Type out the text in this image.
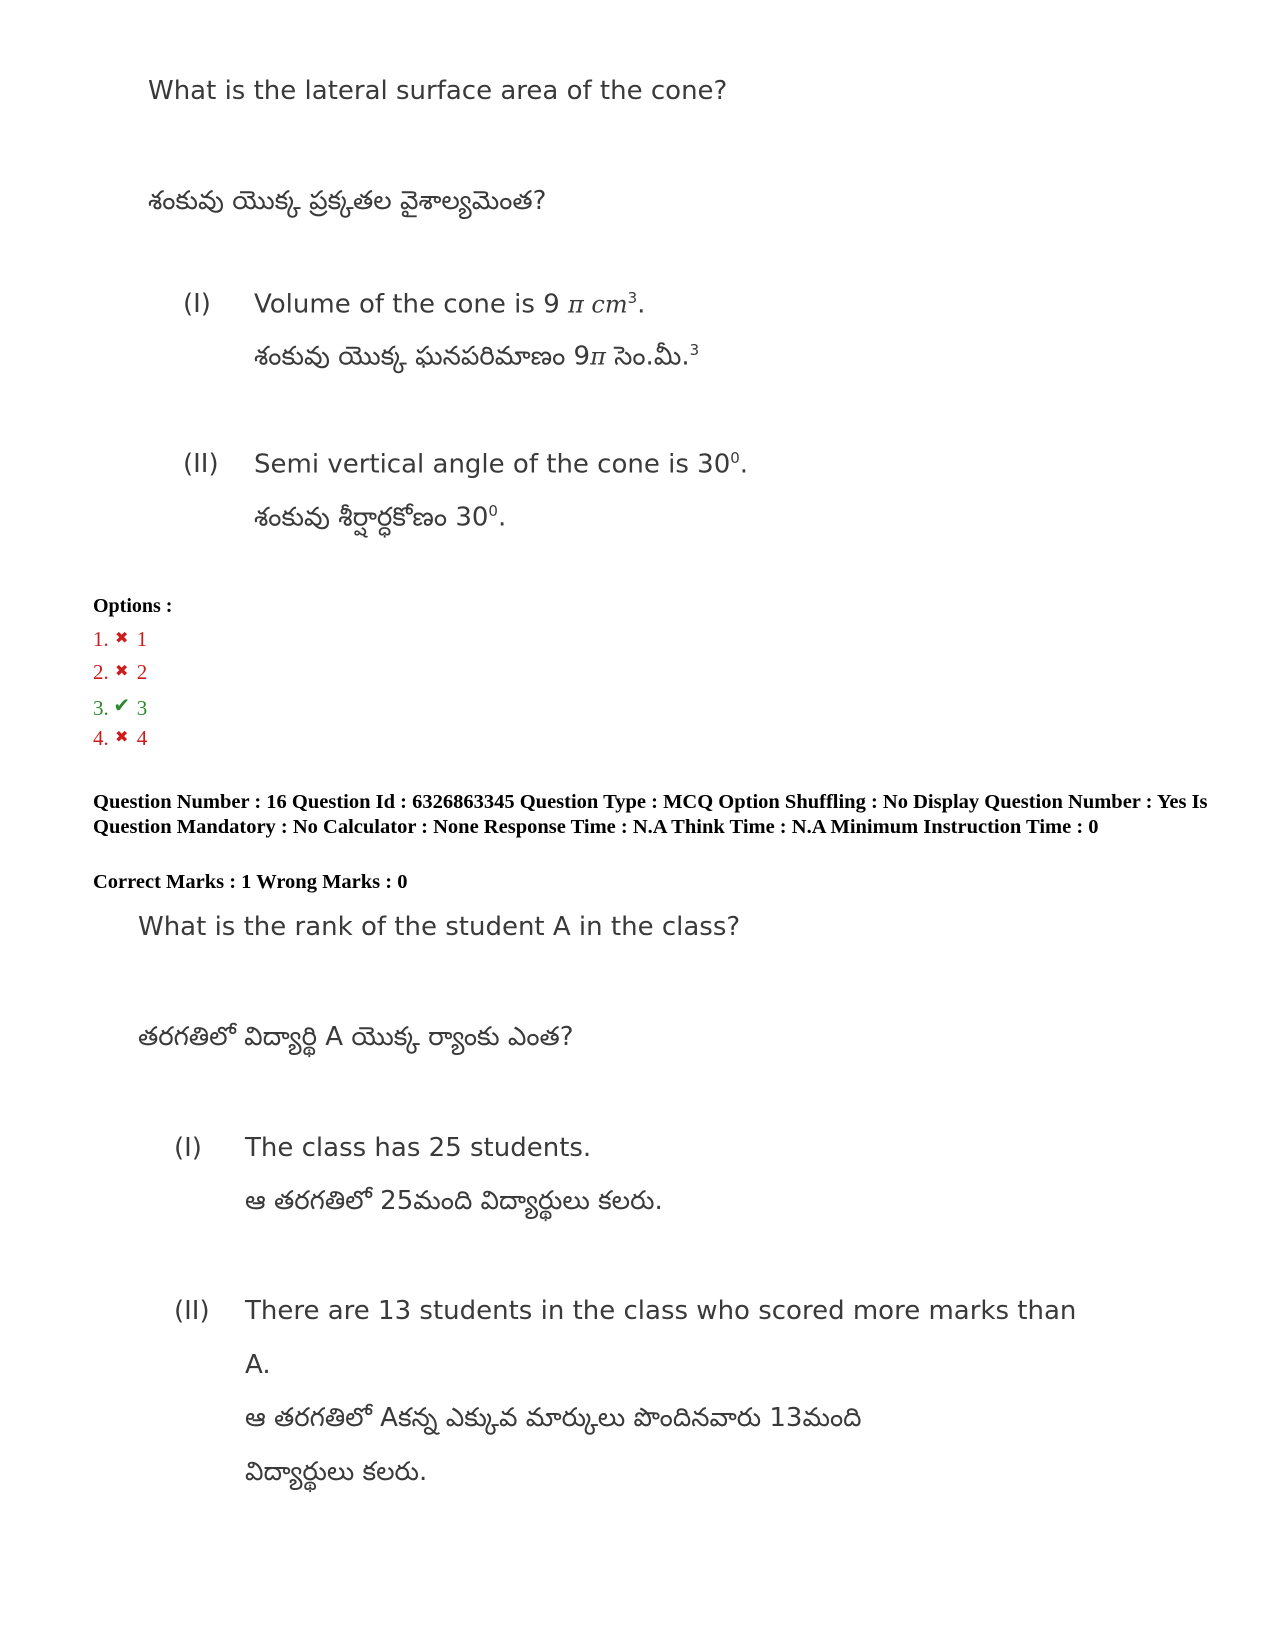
What is the lateral surface area of the cone?
శంకువు యొక్క ప్రక్కతల వైశాల్యమెంత?
(I) Volume of the cone is 9 π $cm^3$.
శంకువు యొక్క ఘనపరిమాణం 9π సెం.మీ.$^3$
(II) Semi vertical angle of the cone is $30^0$.
శంకువు శీర్షార్ధకోణం $30^0$.
Options :
1. ✖ 1
2. ✖ 2
3. ✔ 3
4. ✖ 4
Question Number : 16 Question Id : 6326863345 Question Type : MCQ Option Shuffling : No Display Question Number : Yes Is Question Mandatory : No Calculator : None Response Time : N.A Think Time : N.A Minimum Instruction Time : 0
Correct Marks : 1 Wrong Marks : 0
What is the rank of the student A in the class?
తరగతిలో విద్యార్థి A యొక్క ర్యాంకు ఎంత?
(I) The class has 25 students.
ఆ తరగతిలో 25మంది విద్యార్థులు కలరు.
(II) There are 13 students in the class who scored more marks than
A.
ఆ తరగతిలో Aకన్న ఎక్కువ మార్కులు పొందినవారు 13మంది
విద్యార్థులు కలరు.
